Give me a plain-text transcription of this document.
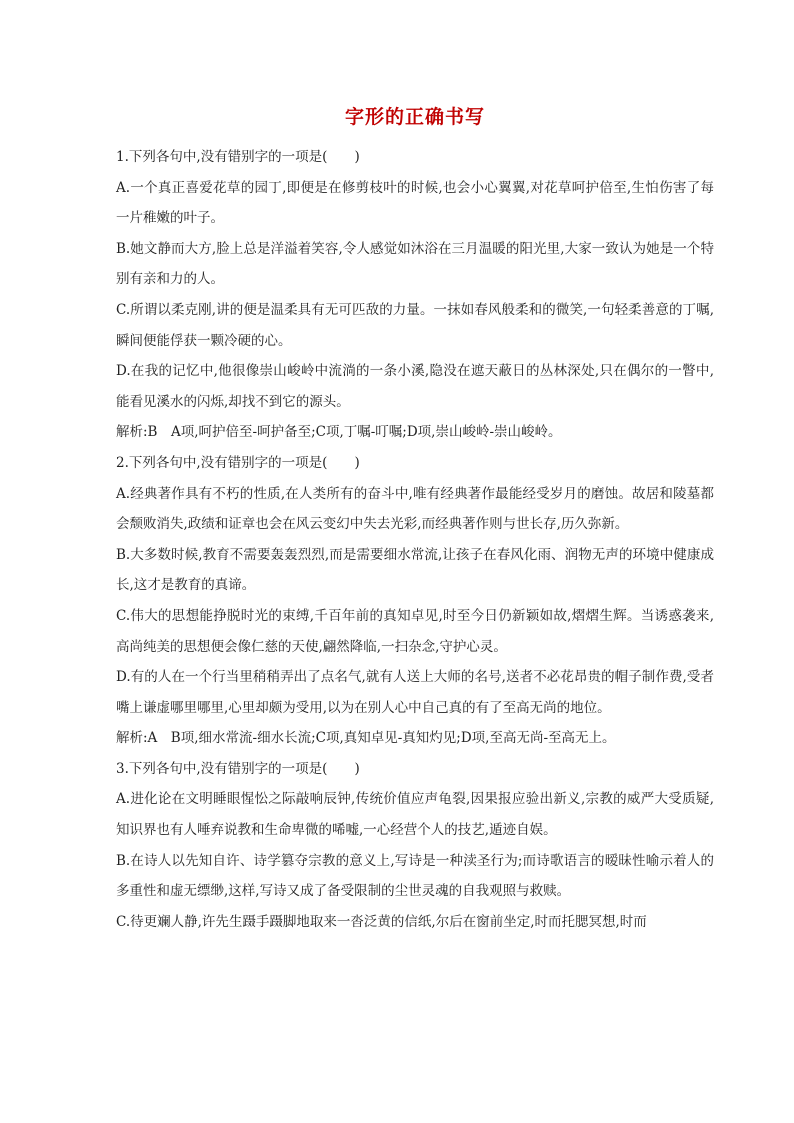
字形的正确书写

1.下列各句中,没有错别字的一项是(　　)

A.一个真正喜爱花草的园丁,即便是在修剪枝叶的时候,也会小心翼翼,对花草呵护倍至,生怕伤害了每一片稚嫩的叶子。

B.她文静而大方,脸上总是洋溢着笑容,令人感觉如沐浴在三月温暖的阳光里,大家一致认为她是一个特别有亲和力的人。

C.所谓以柔克刚,讲的便是温柔具有无可匹敌的力量。一抹如春风般柔和的微笑,一句轻柔善意的丁嘱,瞬间便能俘获一颗冷硬的心。

D.在我的记忆中,他很像崇山峻岭中流淌的一条小溪,隐没在遮天蔽日的丛林深处,只在偶尔的一瞥中,能看见溪水的闪烁,却找不到它的源头。

解析:B　A项,呵护倍至-呵护备至;C项,丁嘱-叮嘱;D项,崇山峻岭-崇山峻岭。

2.下列各句中,没有错别字的一项是(　　)

A.经典著作具有不朽的性质,在人类所有的奋斗中,唯有经典著作最能经受岁月的磨蚀。故居和陵墓都会颓败消失,政绩和证章也会在风云变幻中失去光彩,而经典著作则与世长存,历久弥新。

B.大多数时候,教育不需要轰轰烈烈,而是需要细水常流,让孩子在春风化雨、润物无声的环境中健康成长,这才是教育的真谛。

C.伟大的思想能挣脱时光的束缚,千百年前的真知卓见,时至今日仍新颖如故,熠熠生辉。当诱惑袭来,高尚纯美的思想便会像仁慈的天使,翩然降临,一扫杂念,守护心灵。

D.有的人在一个行当里稍稍弄出了点名气,就有人送上大师的名号,送者不必花昂贵的帽子制作费,受者嘴上谦虚哪里哪里,心里却颇为受用,以为在别人心中自己真的有了至高无尚的地位。

解析:A　B项,细水常流-细水长流;C项,真知卓见-真知灼见;D项,至高无尚-至高无上。

3.下列各句中,没有错别字的一项是(　　)

A.进化论在文明睡眼惺忪之际敲响辰钟,传统价值应声龟裂,因果报应验出新义,宗教的威严大受质疑,知识界也有人唾弃说教和生命卑微的唏嘘,一心经营个人的技艺,遁迹自娱。

B.在诗人以先知自许、诗学篡夺宗教的意义上,写诗是一种渎圣行为;而诗歌语言的暧昧性喻示着人的多重性和虚无缥缈,这样,写诗又成了备受限制的尘世灵魂的自我观照与救赎。

C.待更斓人静,许先生蹑手蹑脚地取来一沓泛黄的信纸,尔后在窗前坐定,时而托腮冥想,时而
